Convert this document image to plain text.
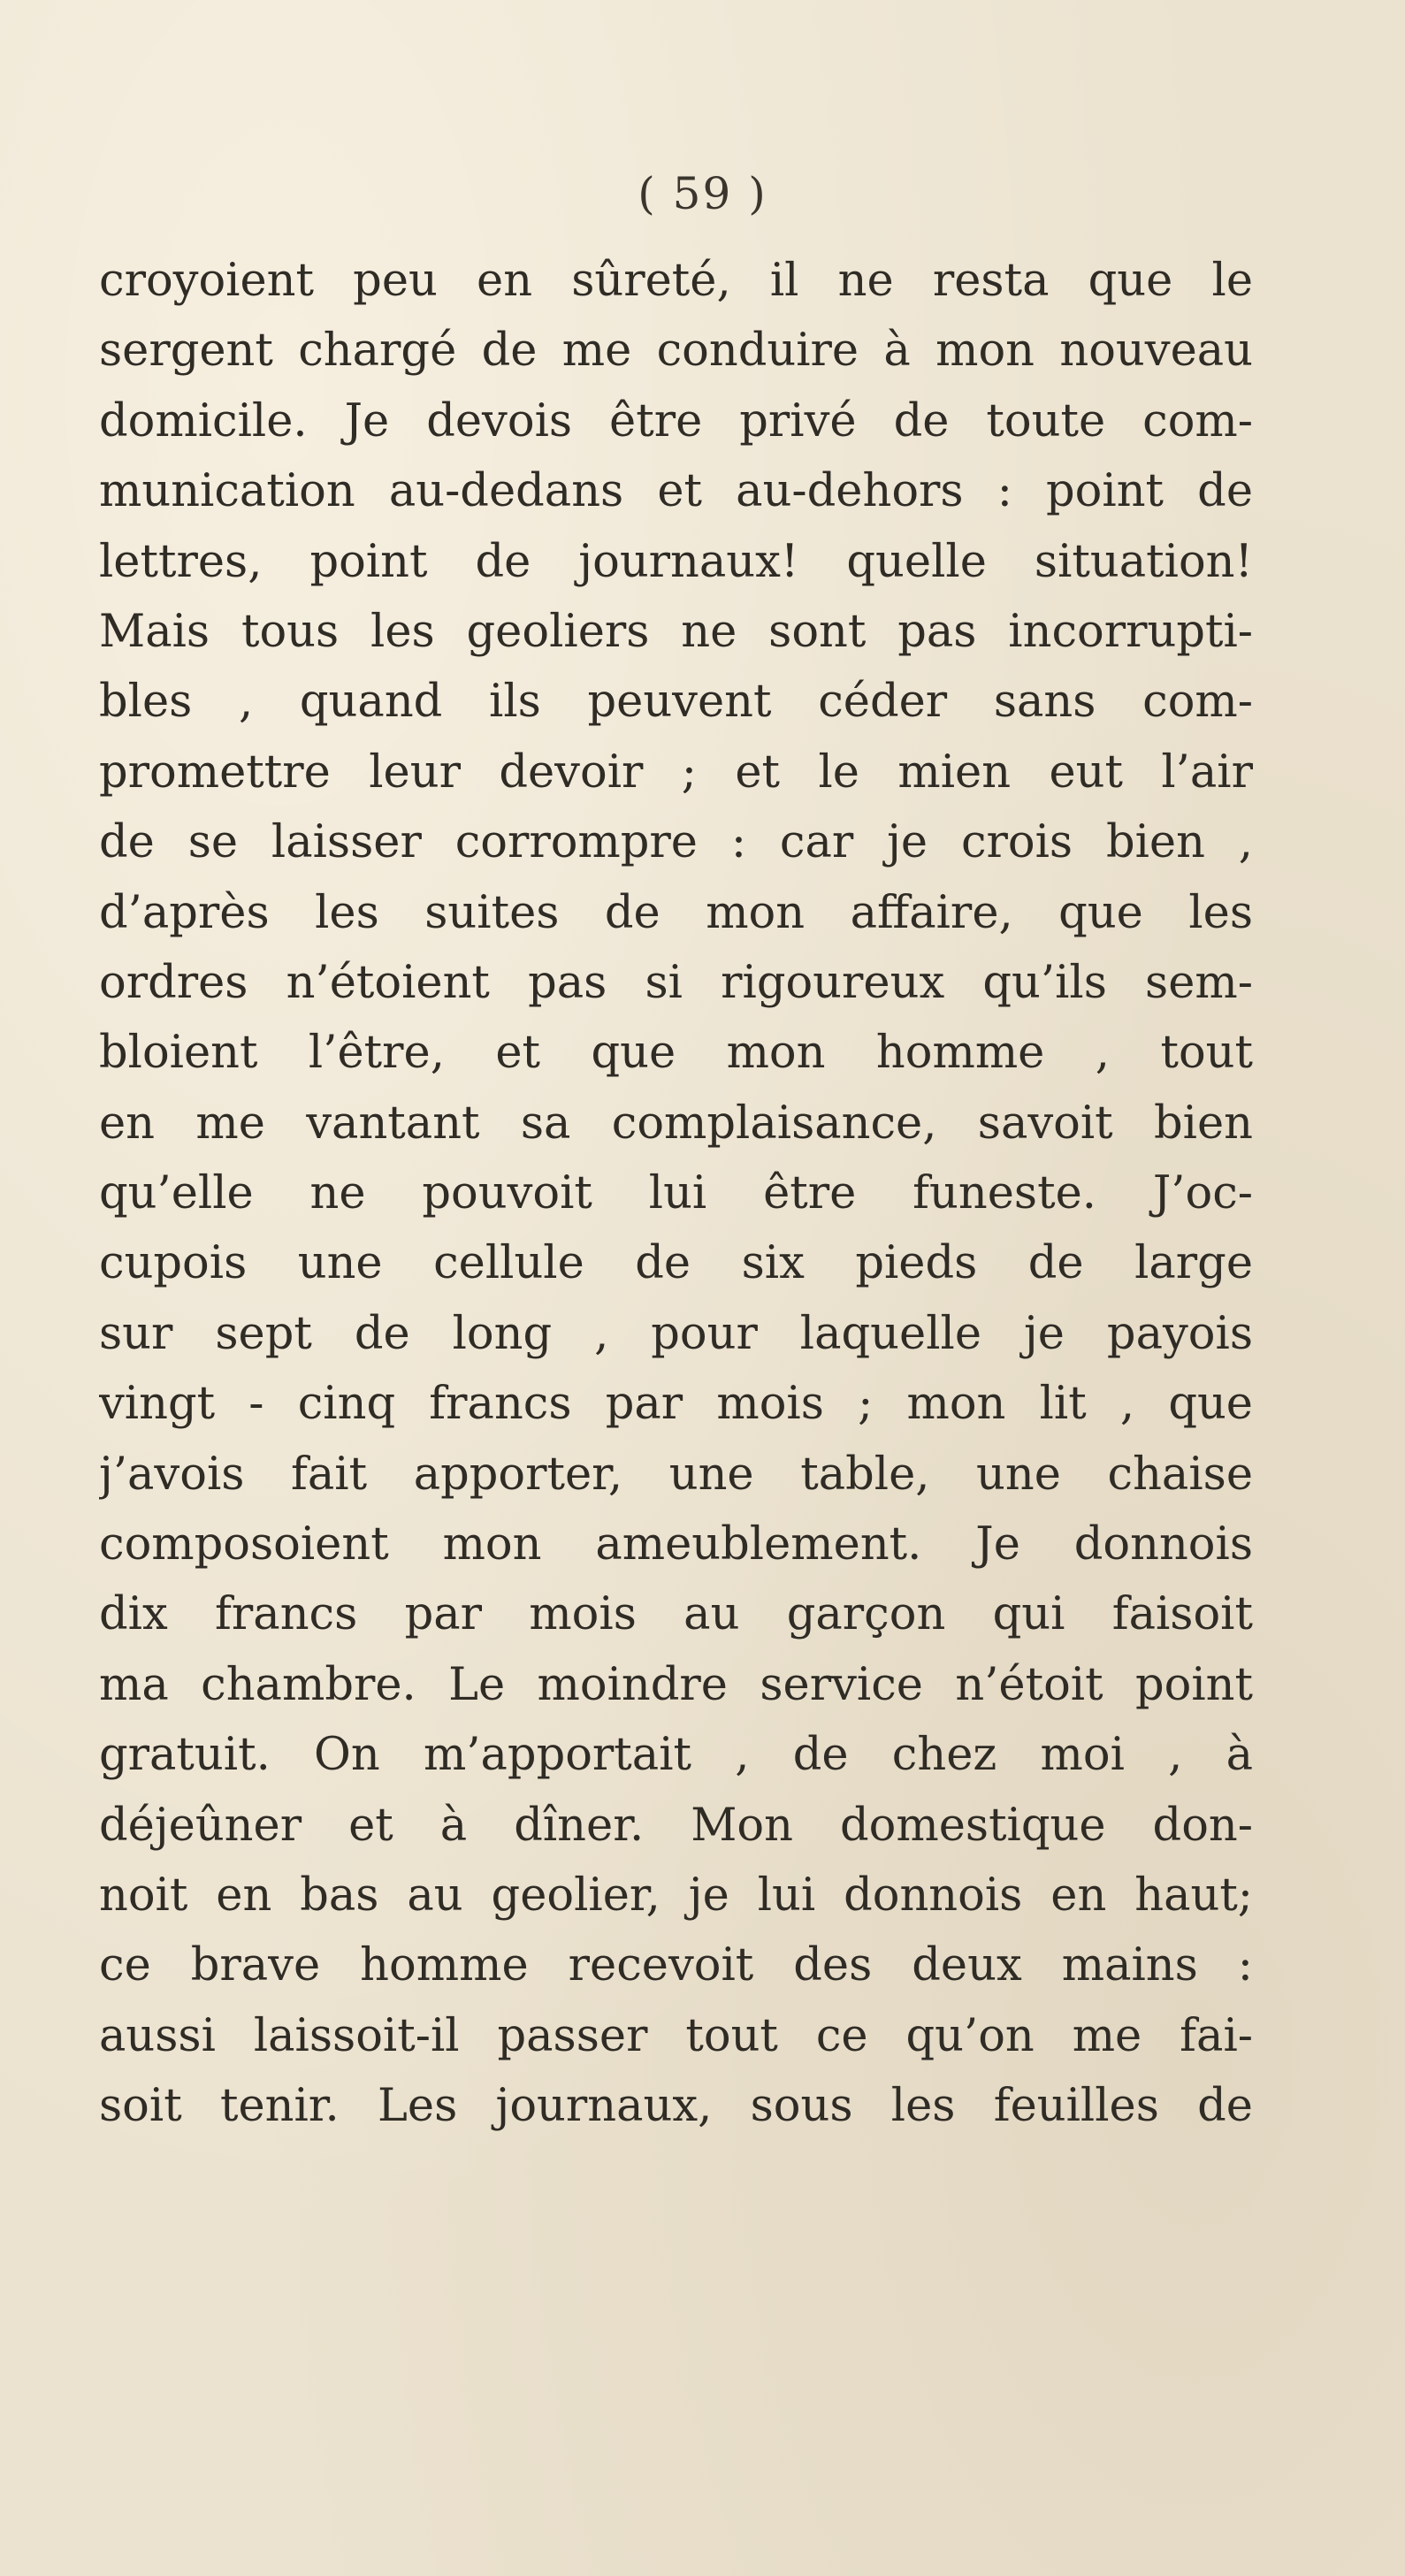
( 59 )
croyoient peu en sûreté, il ne resta que le
sergent chargé de me conduire à mon nouveau
domicile. Je devois être privé de toute com-
munication au-dedans et au-dehors : point de
lettres, point de journaux! quelle situation!
Mais tous les geoliers ne sont pas incorrupti-
bles , quand ils peuvent céder sans com-
promettre leur devoir ; et le mien eut l’air
de se laisser corrompre : car je crois bien ,
d’après les suites de mon affaire, que les
ordres n’étoient pas si rigoureux qu’ils sem-
bloient l’être, et que mon homme , tout
en me vantant sa complaisance, savoit bien
qu’elle ne pouvoit lui être funeste. J’oc-
cupois une cellule de six pieds de large
sur sept de long , pour laquelle je payois
vingt - cinq francs par mois ; mon lit , que
j’avois fait apporter, une table, une chaise
composoient mon ameublement. Je donnois
dix francs par mois au garçon qui faisoit
ma chambre. Le moindre service n’étoit point
gratuit. On m’apportait , de chez moi , à
déjeûner et à dîner. Mon domestique don-
noit en bas au geolier, je lui donnois en haut;
ce brave homme recevoit des deux mains :
aussi laissoit-il passer tout ce qu’on me fai-
soit tenir. Les journaux, sous les feuilles de
